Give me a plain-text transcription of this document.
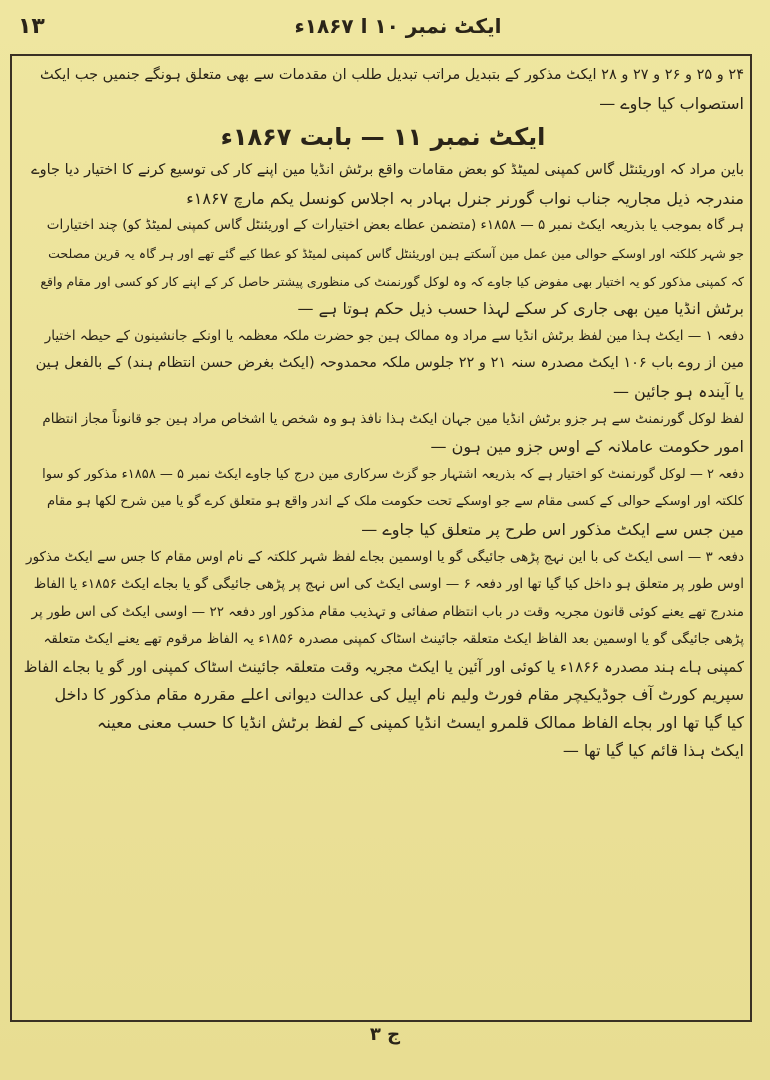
۱۳	ایکٹ نمبر ۱۰ ا ۱۸۶۷ء
۲۴ و ۲۵ و ۲۶ و ۲۷ و ۲۸ ایکٹ مذکور کے بتبدیل مراتب تبدیل طلب ان مقدمات سے بھی متعلق ہونگے جنمیں جب ایکٹ
استصواب کیا جاوے —
ایکٹ نمبر ۱۱ — بابت ۱۸۶۷ء
باین مراد کہ اوریئنٹل گاس کمپنی لمیٹڈ کو بعض مقامات واقع برٹش انڈیا مین اپنے کار کی توسیع کرنے کا اختیار دیا جاوے
مندرجہ ذیل مجاریہ جناب نواب گورنر جنرل بہادر بہ اجلاس کونسل یکم مارچ ۱۸۶۷ء
ہر گاہ بموجب یا بذریعہ ایکٹ نمبر ۵ — ۱۸۵۸ء (متضمن عطاے بعض اختیارات کے اوریئنٹل گاس کمپنی لمیٹڈ کو) چند اختیارات
جو شہر کلکتہ اور اوسکے حوالی مین عمل مین آسکتے ہین اوریئنٹل گاس کمپنی لمیٹڈ کو عطا کیے گئے تھے اور ہر گاہ یہ قرین مصلحت
کہ کمپنی مذکور کو یہ اختیار بھی مفوض کیا جاوے کہ وہ لوکل گورنمنٹ کی منظوری پیشتر حاصل کر کے اپنے کار کو کسی اور مقام واقع
برٹش انڈیا مین بھی جاری کر سکے لہذا حسب ذیل حکم ہوتا ہے —
دفعہ ۱ — ایکٹ ہذا مین لفظ برٹش انڈیا سے مراد وہ ممالک ہین جو حضرت ملکہ معظمہ یا اونکے جانشینون کے حیطہ اختیار
مین از روے باب ۱۰۶ ایکٹ مصدرہ سنہ ۲۱ و ۲۲ جلوس ملکہ محمدوحہ (ایکٹ بغرض حسن انتظام ہند) کے بالفعل ہین
یا آیندہ ہو جائین —
لفظ لوکل گورنمنٹ سے ہر جزو برٹش انڈیا مین جہان ایکٹ ہذا نافذ ہو وہ شخص یا اشخاص مراد ہین جو قانوناً مجاز انتظام
امور حکومت عاملانہ کے اوس جزو مین ہون —
دفعہ ۲ — لوکل گورنمنٹ کو اختیار ہے کہ بذریعہ اشتہار جو گزٹ سرکاری مین درج کیا جاوے ایکٹ نمبر ۵ — ۱۸۵۸ء مذکور کو سوا
کلکتہ اور اوسکے حوالی کے کسی مقام سے جو اوسکے تحت حکومت ملک کے اندر واقع ہو متعلق کرے گو یا مین شرح لکھا ہو مقام
مین جس سے ایکٹ مذکور اس طرح پر متعلق کیا جاوے —
دفعہ ۳ — اسی ایکٹ کی با این نہج پڑھی جائیگی گو یا اوسمین بجاے لفظ شہر کلکتہ کے نام اوس مقام کا جس سے ایکٹ مذکور
اوس طور پر متعلق ہو داخل کیا گیا تھا اور دفعہ ۶ — اوسی ایکٹ کی اس نہج پر پڑھی جائیگی گو یا بجاے ایکٹ ۱۸۵۶ء یا الفاظ
مندرج تھے یعنے کوئی قانون مجریہ وقت در باب انتظام صفائی و تہذیب مقام مذکور اور دفعہ ۲۲ — اوسی ایکٹ کی اس طور پر
پڑھی جائیگی گو یا اوسمین بعد الفاظ ایکٹ متعلقہ جائینٹ اسٹاک کمپنی مصدرہ ۱۸۵۶ء یہ الفاظ مرقوم تھے یعنے ایکٹ متعلقہ
کمپنی ہاے ہند مصدرہ ۱۸۶۶ء یا کوئی اور آئین یا ایکٹ مجریہ وقت متعلقہ جائینٹ اسٹاک کمپنی اور گو یا بجاے الفاظ
سپریم کورٹ آف جوڈیکیچر مقام فورٹ ولیم نام اپیل کی عدالت دیوانی اعلے مقررہ مقام مذکور کا داخل
کیا گیا تھا اور بجاے الفاظ ممالک قلمرو ایسٹ انڈیا کمپنی کے لفظ برٹش انڈیا کا حسب معنی معینہ
ایکٹ ہذا قائم کیا گیا تھا —
ج ۳
